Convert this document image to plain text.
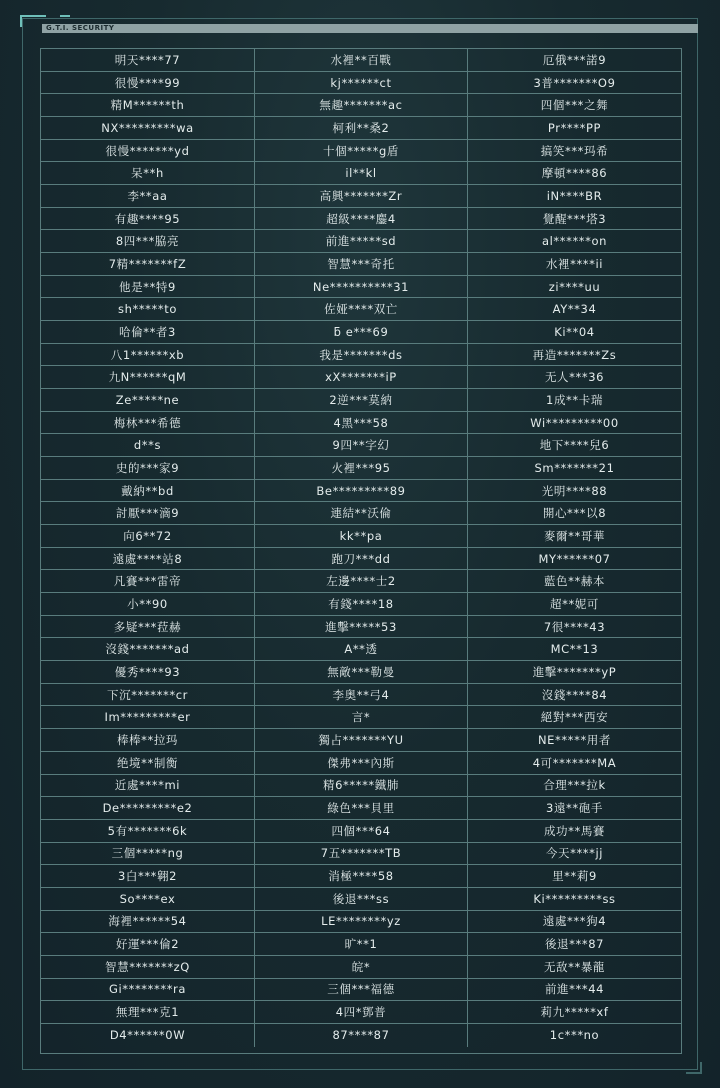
G.T.I. SECURITY
明天****77	水裡**百戰	厄俄***諾9
很慢****99	kj******ct	3普*******O9
精M******th	無趣*******ac	四個***之舞
NX*********wa	柯利**桑2	Pr****PP
很慢*******yd	十個*****g盾	搞笑***玛希
呆**h	il**kl	摩頓****86
李**aa	高興*******Zr	iN****BR
有趣****95	超級****鏖4	覺醒***塔3
8四***脇亮	前進*****sd	al******on
7精*******fZ	智慧***奇托	水裡****ii
他是**特9	Ne**********31	zi****uu
sh*****to	佐娅****双亡	AY**34
哈倫**者3	ƃ e***69	Ki**04
八1******xb	我是*******ds	再造*******Zs
九N******qM	xX*******iP	无人***36
Ze*****ne	2逆***莫納	1成**卡瑞
梅林***希德	4黑***58	Wi*********00
d**s	9四**字幻	地下****兒6
史的***家9	火裡***95	Sm*******21
戴納**bd	Be*********89	光明****88
討厭***滴9	連結**沃倫	開心***以8
向6**72	kk**pa	麥爾**哥華
遠處****站8	跑刀***dd	MY******07
凡賽***雷帝	左邊****士2	藍色**赫本
小**90	有錢****18	超**妮可
多疑***菈赫	進擊*****53	7很****43
沒錢*******ad	A**透	MC**13
優秀****93	無敵***勒曼	進擊*******yP
下沉*******cr	李奥**弓4	沒錢****84
Im*********er	言*	絕對***西安
棒棒**拉玛	獨占*******YU	NE*****用者
绝境**制衡	傑弗***內斯	4可*******MA
近處****mi	精6*****鐵肺	合理***拉k
De*********e2	綠色***貝里	3遠**砲手
5有*******6k	四個***64	成功**馬賽
三個*****ng	7五*******TB	今天****jj
3白***翱2	消極****58	里**莉9
So****ex	後退***ss	Ki*********ss
海裡******54	LE********yz	遠處***狗4
好運***倫2	旷**1	後退***87
智慧*******zQ	皖*	无敌**暴龍
Gi********ra	三個***福德	前進***44
無理***克1	4四*鄧普	莉九*****xf
D4******0W	87****87	1c***no
